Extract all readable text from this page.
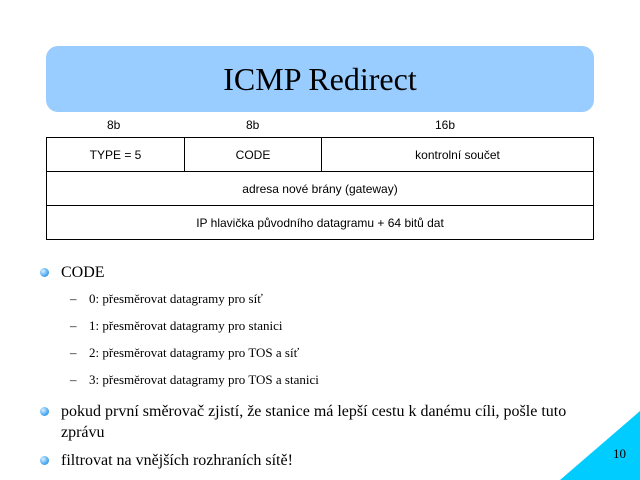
ICMP Redirect
8b	8b	16b
TYPE = 5	CODE	kontrolní součet
adresa nové brány (gateway)
IP hlavička původního datagramu + 64 bitů dat
CODE
– 0: přesměrovat datagramy pro síť
– 1: přesměrovat datagramy pro stanici
– 2: přesměrovat datagramy pro TOS a síť
– 3: přesměrovat datagramy pro TOS a stanici
pokud první směrovač zjistí, že stanice má lepší cestu k danému cíli, pošle tuto zprávu
filtrovat na vnějších rozhraních sítě!	10
